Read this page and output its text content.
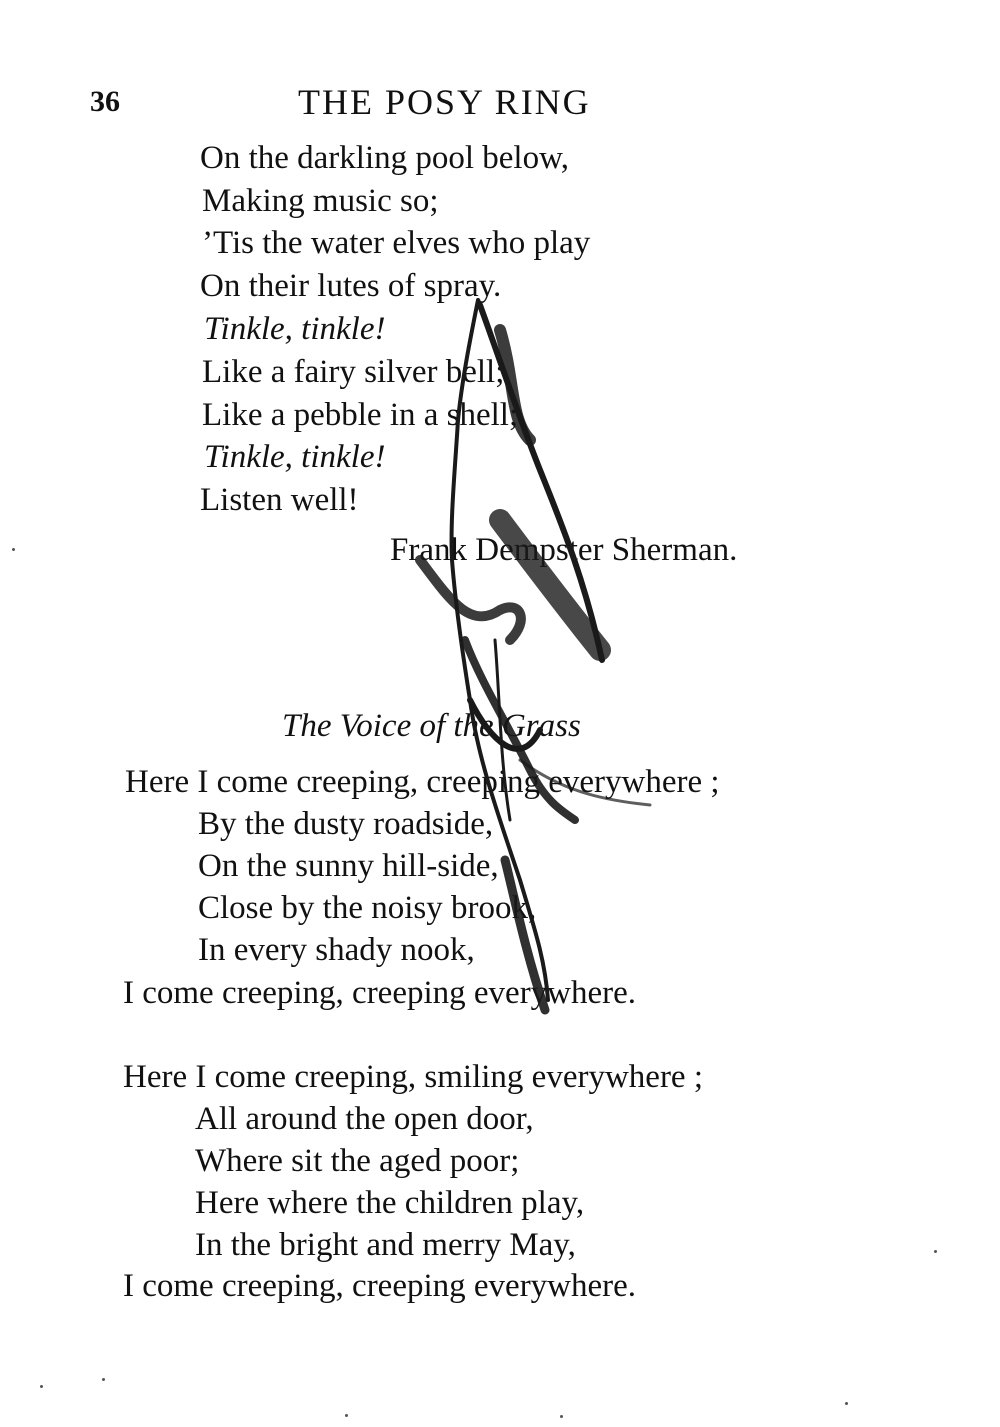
36	THE POSY RING
On the darkling pool below,
Making music so;
’Tis the water elves who play
On their lutes of spray.
Tinkle, tinkle!
Like a fairy silver bell;
Like a pebble in a shell;
Tinkle, tinkle!
Listen well!
Frank Dempster Sherman.
The Voice of the Grass
Here I come creeping, creeping everywhere ;
By the dusty roadside,
On the sunny hill-side,
Close by the noisy brook,
In every shady nook,
I come creeping, creeping everywhere.
Here I come creeping, smiling everywhere ;
All around the open door,
Where sit the aged poor;
Here where the children play,
In the bright and merry May,
I come creeping, creeping everywhere.
